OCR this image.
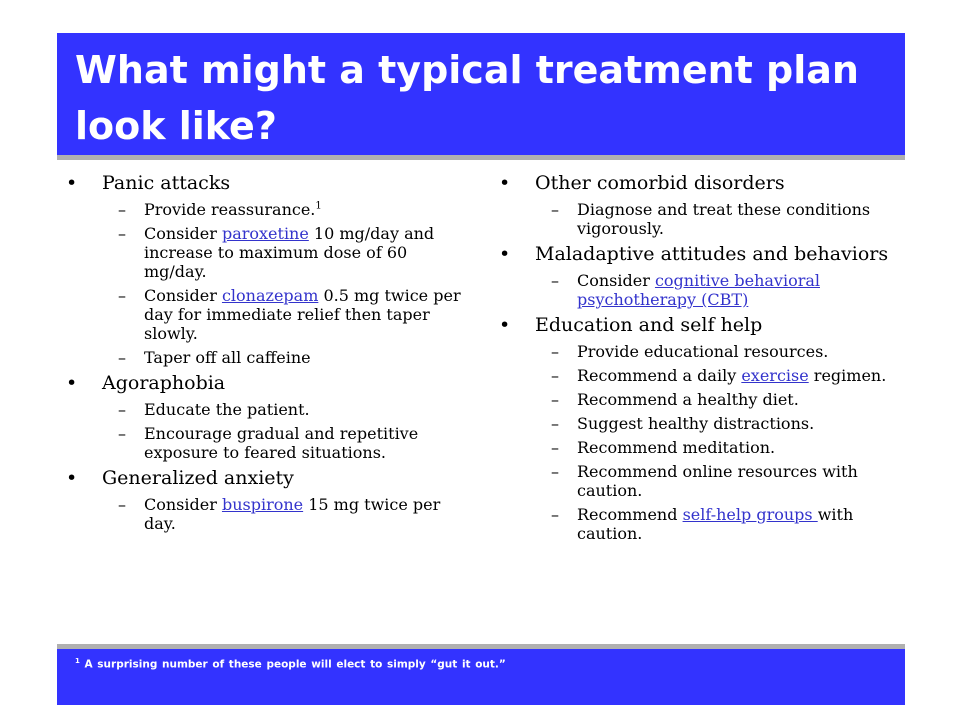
What might a typical treatment plan look like?
• Panic attacks
– Provide reassurance.$^1$
– Consider paroxetine 10 mg/day and increase to maximum dose of 60 mg/day.
– Consider clonazepam 0.5 mg twice per day for immediate relief then taper slowly.
– Taper off all caffeine
• Agoraphobia
– Educate the patient.
– Encourage gradual and repetitive exposure to feared situations.
• Generalized anxiety
– Consider buspirone 15 mg twice per day.
• Other comorbid disorders
– Diagnose and treat these conditions vigorously.
• Maladaptive attitudes and behaviors
– Consider cognitive behavioral psychotherapy (CBT)
• Education and self help
– Provide educational resources.
– Recommend a daily exercise regimen.
– Recommend a healthy diet.
– Suggest healthy distractions.
– Recommend meditation.
– Recommend online resources with caution.
– Recommend self-help groups with caution.
$^1$ A surprising number of these people will elect to simply “gut it out.”
